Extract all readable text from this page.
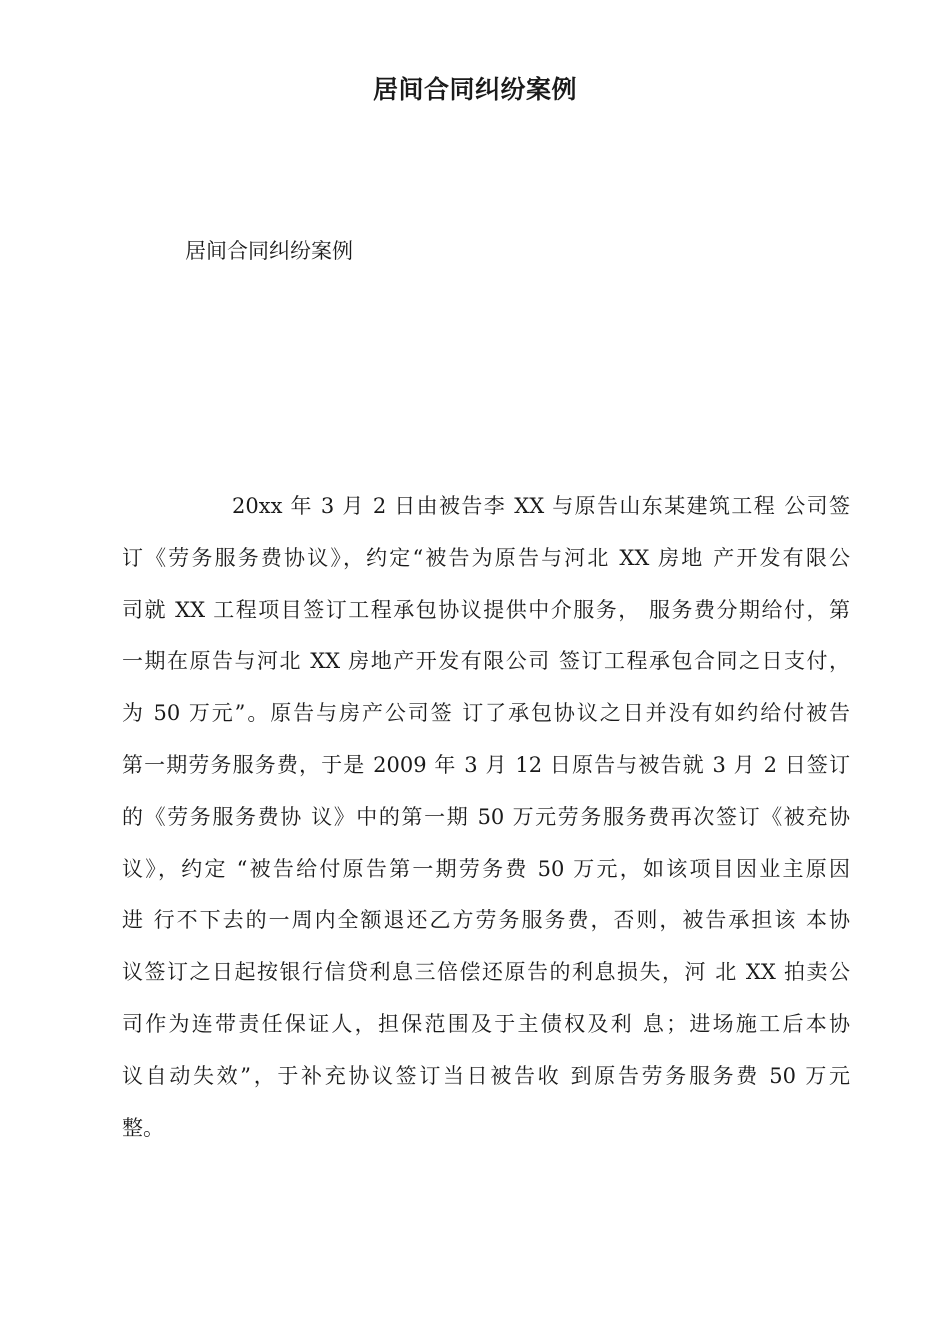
居间合同纠纷案例
居间合同纠纷案例
20xx 年 3 月 2 日由被告李 XX 与原告山东某建筑工程 公司签
订《劳务服务费协议》，约定“被告为原告与河北 XX 房地 产开发有限公
司就 XX 工程项目签订工程承包协议提供中介服务， 服务费分期给付，第
一期在原告与河北 XX 房地产开发有限公司 签订工程承包合同之日支付，
为 50 万元”。原告与房产公司签 订了承包协议之日并没有如约给付被告
第一期劳务服务费，于是 2009 年 3 月 12 日原告与被告就 3 月 2 日签订
的《劳务服务费协 议》中的第一期 50 万元劳务服务费再次签订《被充协
议》，约定 “被告给付原告第一期劳务费 50 万元，如该项目因业主原因
进 行不下去的一周内全额退还乙方劳务服务费，否则，被告承担该 本协
议签订之日起按银行信贷利息三倍偿还原告的利息损失，河 北 XX 拍卖公
司作为连带责任保证人，担保范围及于主债权及利 息；进场施工后本协
议自动失效”，于补充协议签订当日被告收 到原告劳务服务费 50 万元
整。
